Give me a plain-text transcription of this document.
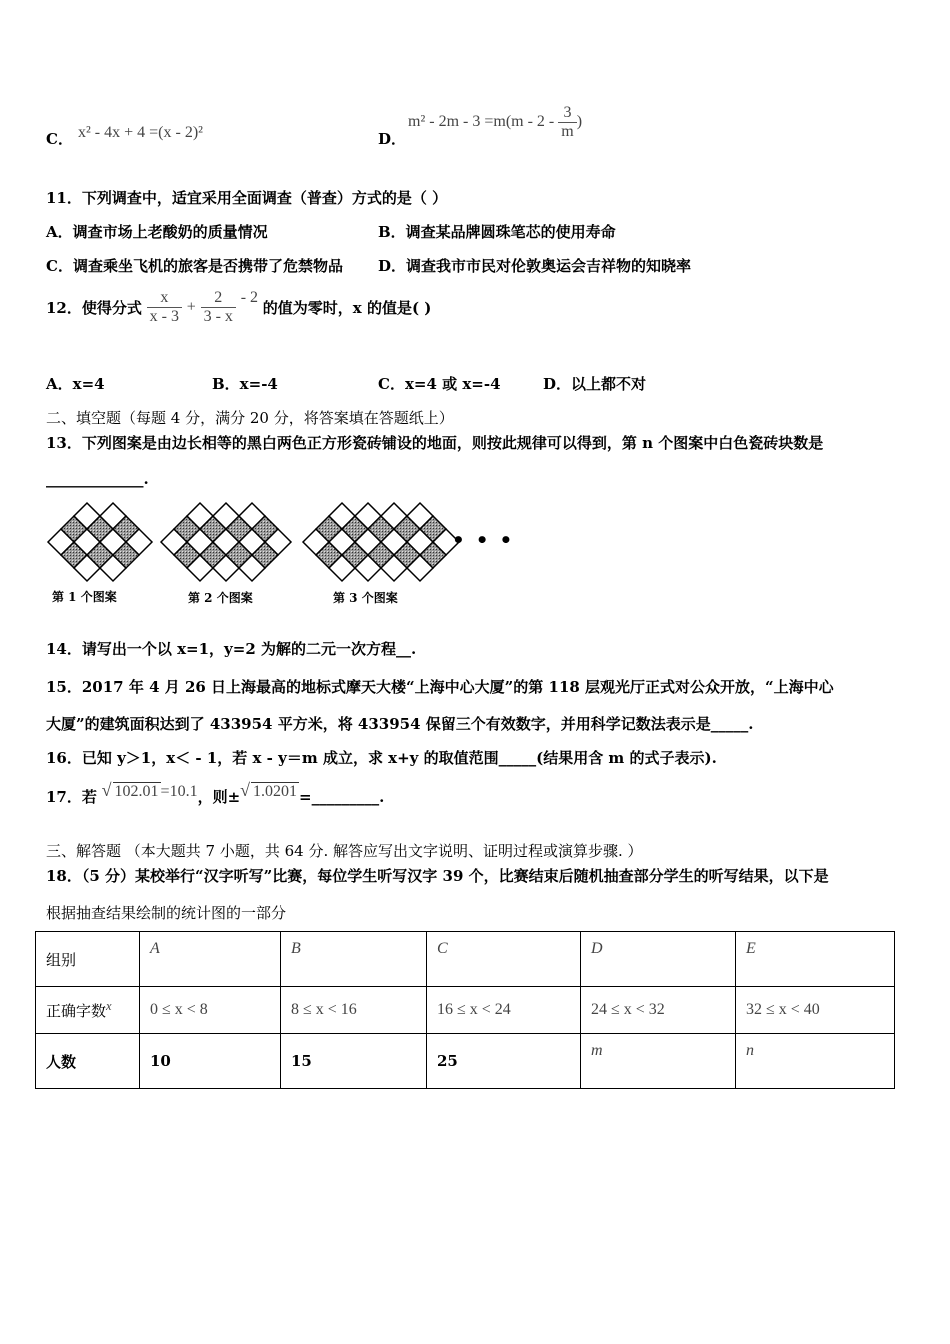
C． x² - 4x + 4 =(x - 2)²	D．
$m^2 - 2m - 3 =m(m - 2 - \frac{3}{m}$ )
11．下列调查中，适宜采用全面调查（普查）方式的是（ ）
A．调查市场上老酸奶的质量情况	B．调查某品牌圆珠笔芯的使用寿命
C．调查乘坐飞机的旅客是否携带了危禁物品 D．调查我市市民对伦敦奥运会吉祥物的知晓率
12．使得分式 $\frac{x}{x - 3} + \frac{2}{3 - x} - 2$ 的值为零时，x 的值是( )
A．x=4	B．x=-4	C．x=4 或 x=-4	D．以上都不对
二、填空题（每题 4 分，满分 20 分，将答案填在答题纸上）
13．下列图案是由边长相等的黑白两色正方形瓷砖铺设的地面，则按此规律可以得到，第 n 个图案中白色瓷砖块数是
_____________.
• • •
第 1 个图案	第 2 个图案	第 3 个图案
14．请写出一个以 x=1，y=2 为解的二元一次方程__.
15．2017 年 4 月 26 日上海最高的地标式摩天大楼“上海中心大厦”的第 118 层观光厅正式对公众开放，“上海中心
大厦”的建筑面积达到了 433954 平方米，将 433954 保留三个有效数字，并用科学记数法表示是_____.
16．已知 y＞1，x＜ - 1，若 x - y＝m 成立，求 x+y 的取值范围_____(结果用含 m 的式子表示).
17．若 √ 102.01 =10.1，则±√ 1.0201 =_________.
三、解答题 （本大题共 7 小题，共 64 分. 解答应写出文字说明、证明过程或演算步骤. ）
18．（5 分）某校举行“汉字听写”比赛，每位学生听写汉字 39 个，比赛结束后随机抽查部分学生的听写结果，以下是
根据抽查结果绘制的统计图的一部分
组别	A	B	C	D	E
正确字数$^x$	0 ≤ x < 8	8 ≤ x < 16	16 ≤ x < 24	24 ≤ x < 32	32 ≤ x < 40
人数	10	15	25	m	n
